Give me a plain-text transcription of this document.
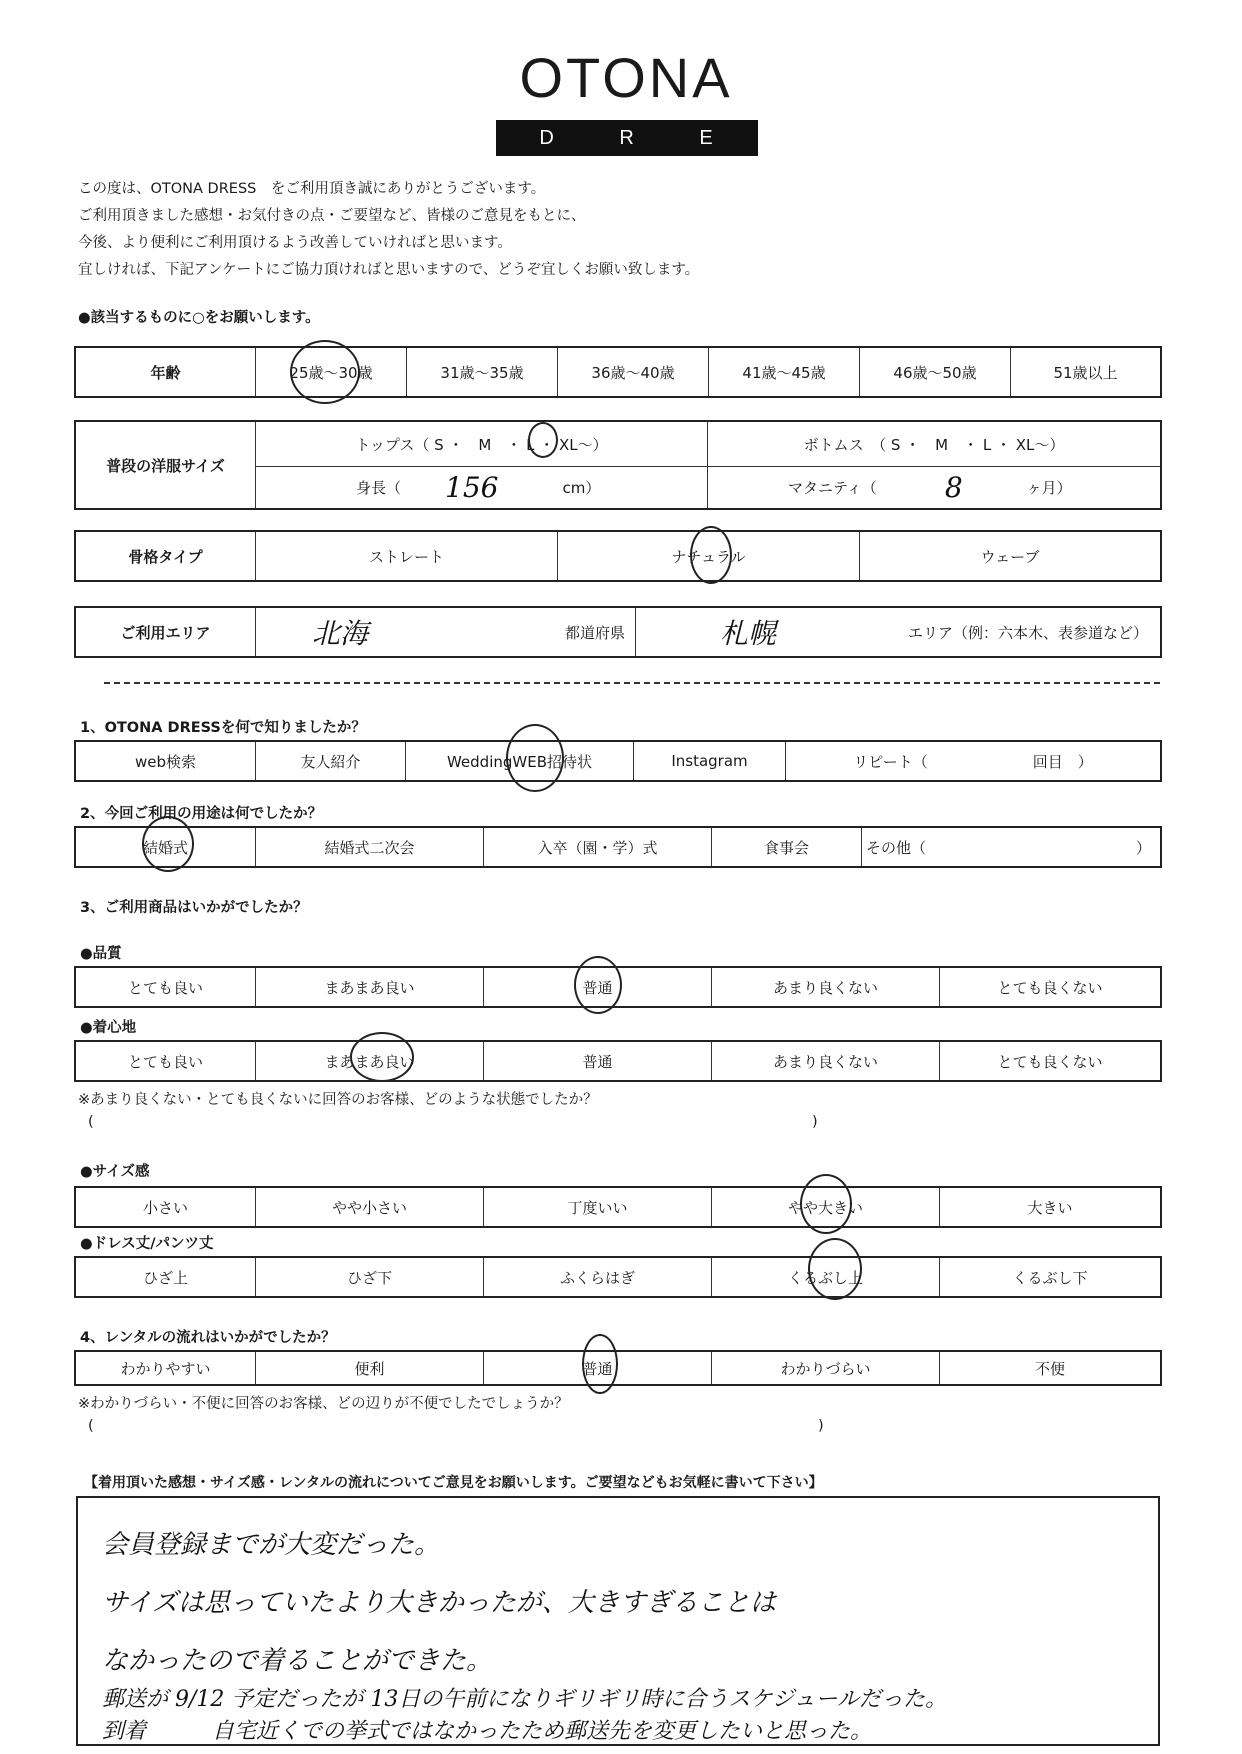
OTONA
D R E S S
この度は、OTONA DRESS　をご利用頂き誠にありがとうございます。
ご利用頂きました感想・お気付きの点・ご要望など、皆様のご意見をもとに、
今後、より便利にご利用頂けるよう改善していければと思います。
宜しければ、下記アンケートにご協力頂ければと思いますので、どうぞ宜しくお願い致します。
●該当するものに○をお願いします。
年齢	25歳～30歳	31歳～35歳	36歳～40歳	41歳～45歳	46歳～50歳	51歳以上
普段の洋服サイズ
トップス（ S ・　M　・ L ・ XL～）	ボトムス　（ S ・　M　・ L ・ XL～）
身長（ 156	cm）	マタニティ（ 8	ヶ月）
骨格タイプ	ストレート	ナチュラル	ウェーブ
ご利用エリア	北海	都道府県	札幌	エリア（例：六本木、表参道など）
1、OTONA DRESSを何で知りましたか？
web検索	友人紹介	WeddingWEB招待状	Instagram	リピート（　　　　　　　回目　）
2、今回ご利用の用途は何でしたか？
結婚式	結婚式二次会	入卒（園・学）式	食事会	その他（　　　　　　　　　　　　　　）
3、ご利用商品はいかがでしたか？
●品質
とても良い	まあまあ良い	普通	あまり良くない	とても良くない
●着心地
とても良い	まあまあ良い	普通	あまり良くない	とても良くない
※あまり良くない・とても良くないに回答のお客様、どのような状態でしたか？
(	)
●サイズ感
小さい	やや小さい	丁度いい	やや大きい	大きい
●ドレス丈/パンツ丈
ひざ上	ひざ下	ふくらはぎ	くるぶし上	くるぶし下
4、レンタルの流れはいかがでしたか？
わかりやすい	便利	普通	わかりづらい	不便
※わかりづらい・不便に回答のお客様、どの辺りが不便でしたでしょうか？
(	)
【着用頂いた感想・サイズ感・レンタルの流れについてご意見をお願いします。ご要望などもお気軽に書いて下さい】
会員登録までが大変だった。
サイズは思っていたより大きかったが、大きすぎることは
なかったので着ることができた。
郵送が 9/12 予定だったが 13日の午前になりギリギリ時に合うスケジュールだった。
到着　　　自宅近くでの挙式ではなかったため郵送先を変更したいと思った。
